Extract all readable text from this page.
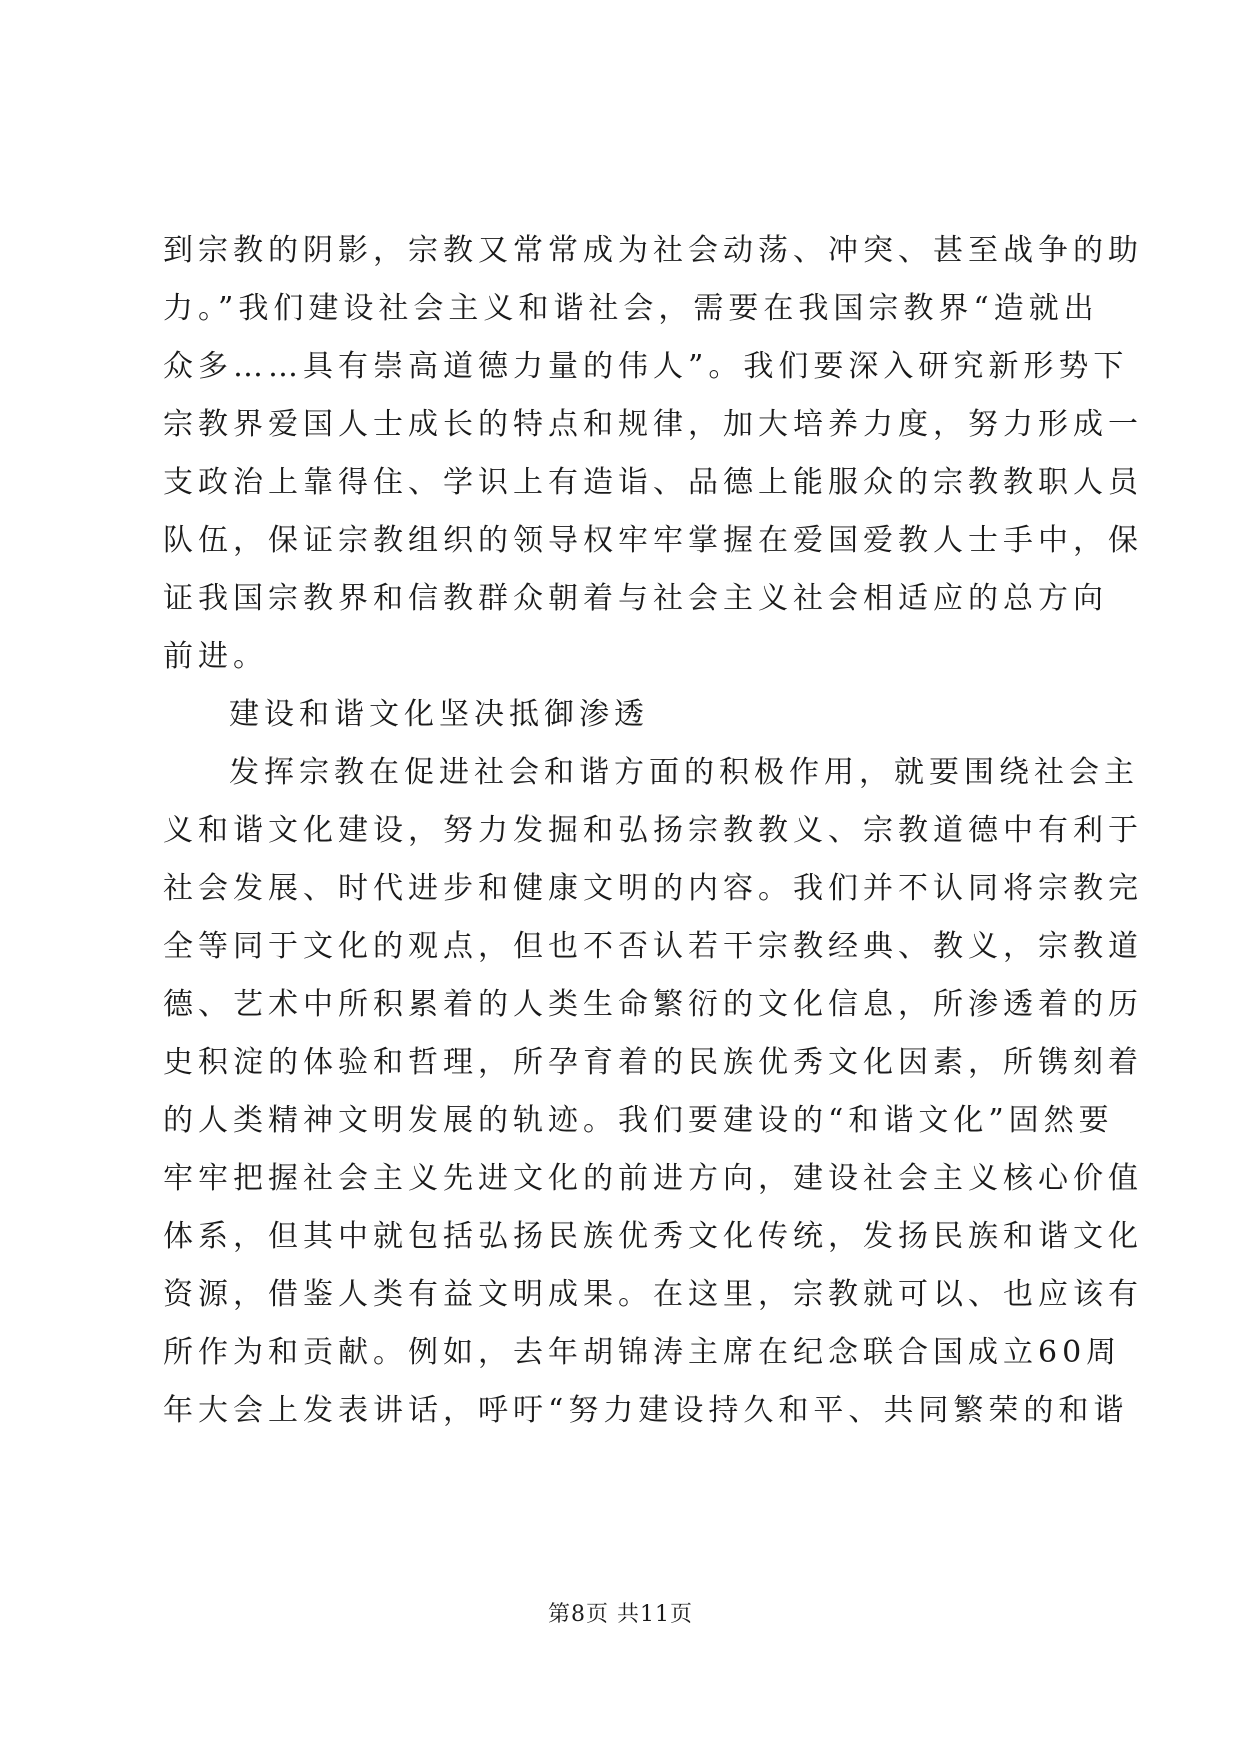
到宗教的阴影，宗教又常常成为社会动荡、冲突、甚至战争的助
力。”我们建设社会主义和谐社会，需要在我国宗教界“造就出
众多……具有崇高道德力量的伟人”。我们要深入研究新形势下
宗教界爱国人士成长的特点和规律，加大培养力度，努力形成一
支政治上靠得住、学识上有造诣、品德上能服众的宗教教职人员
队伍，保证宗教组织的领导权牢牢掌握在爱国爱教人士手中，保
证我国宗教界和信教群众朝着与社会主义社会相适应的总方向
前进。
建设和谐文化坚决抵御渗透
发挥宗教在促进社会和谐方面的积极作用，就要围绕社会主
义和谐文化建设，努力发掘和弘扬宗教教义、宗教道德中有利于
社会发展、时代进步和健康文明的内容。我们并不认同将宗教完
全等同于文化的观点，但也不否认若干宗教经典、教义，宗教道
德、艺术中所积累着的人类生命繁衍的文化信息，所渗透着的历
史积淀的体验和哲理，所孕育着的民族优秀文化因素，所镌刻着
的人类精神文明发展的轨迹。我们要建设的“和谐文化”固然要
牢牢把握社会主义先进文化的前进方向，建设社会主义核心价值
体系，但其中就包括弘扬民族优秀文化传统，发扬民族和谐文化
资源，借鉴人类有益文明成果。在这里，宗教就可以、也应该有
所作为和贡献。例如，去年胡锦涛主席在纪念联合国成立60周
年大会上发表讲话，呼吁“努力建设持久和平、共同繁荣的和谐
第8页 共11页
